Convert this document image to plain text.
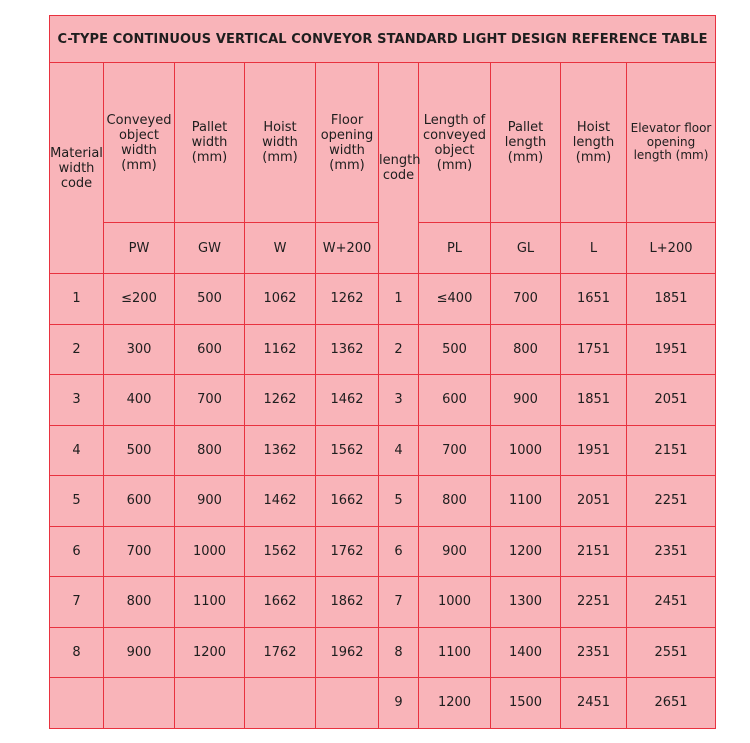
C-TYPE CONTINUOUS VERTICAL CONVEYOR STANDARD LIGHT DESIGN REFERENCE TABLE									
Material width code	Conveyed object width (mm)	Pallet width (mm)	Hoist width (mm)	Floor opening width (mm)	length code	Length of conveyed object (mm)	Pallet length (mm)	Hoist length (mm)	Elevator floor opening length (mm)
	PW	GW	W	W+200		PL	GL	L	L+200
1	≤200	500	1062	1262	1	≤400	700	1651	1851
2	300	600	1162	1362	2	500	800	1751	1951
3	400	700	1262	1462	3	600	900	1851	2051
4	500	800	1362	1562	4	700	1000	1951	2151
5	600	900	1462	1662	5	800	1100	2051	2251
6	700	1000	1562	1762	6	900	1200	2151	2351
7	800	1100	1662	1862	7	1000	1300	2251	2451
8	900	1200	1762	1962	8	1100	1400	2351	2551
					9	1200	1500	2451	2651
